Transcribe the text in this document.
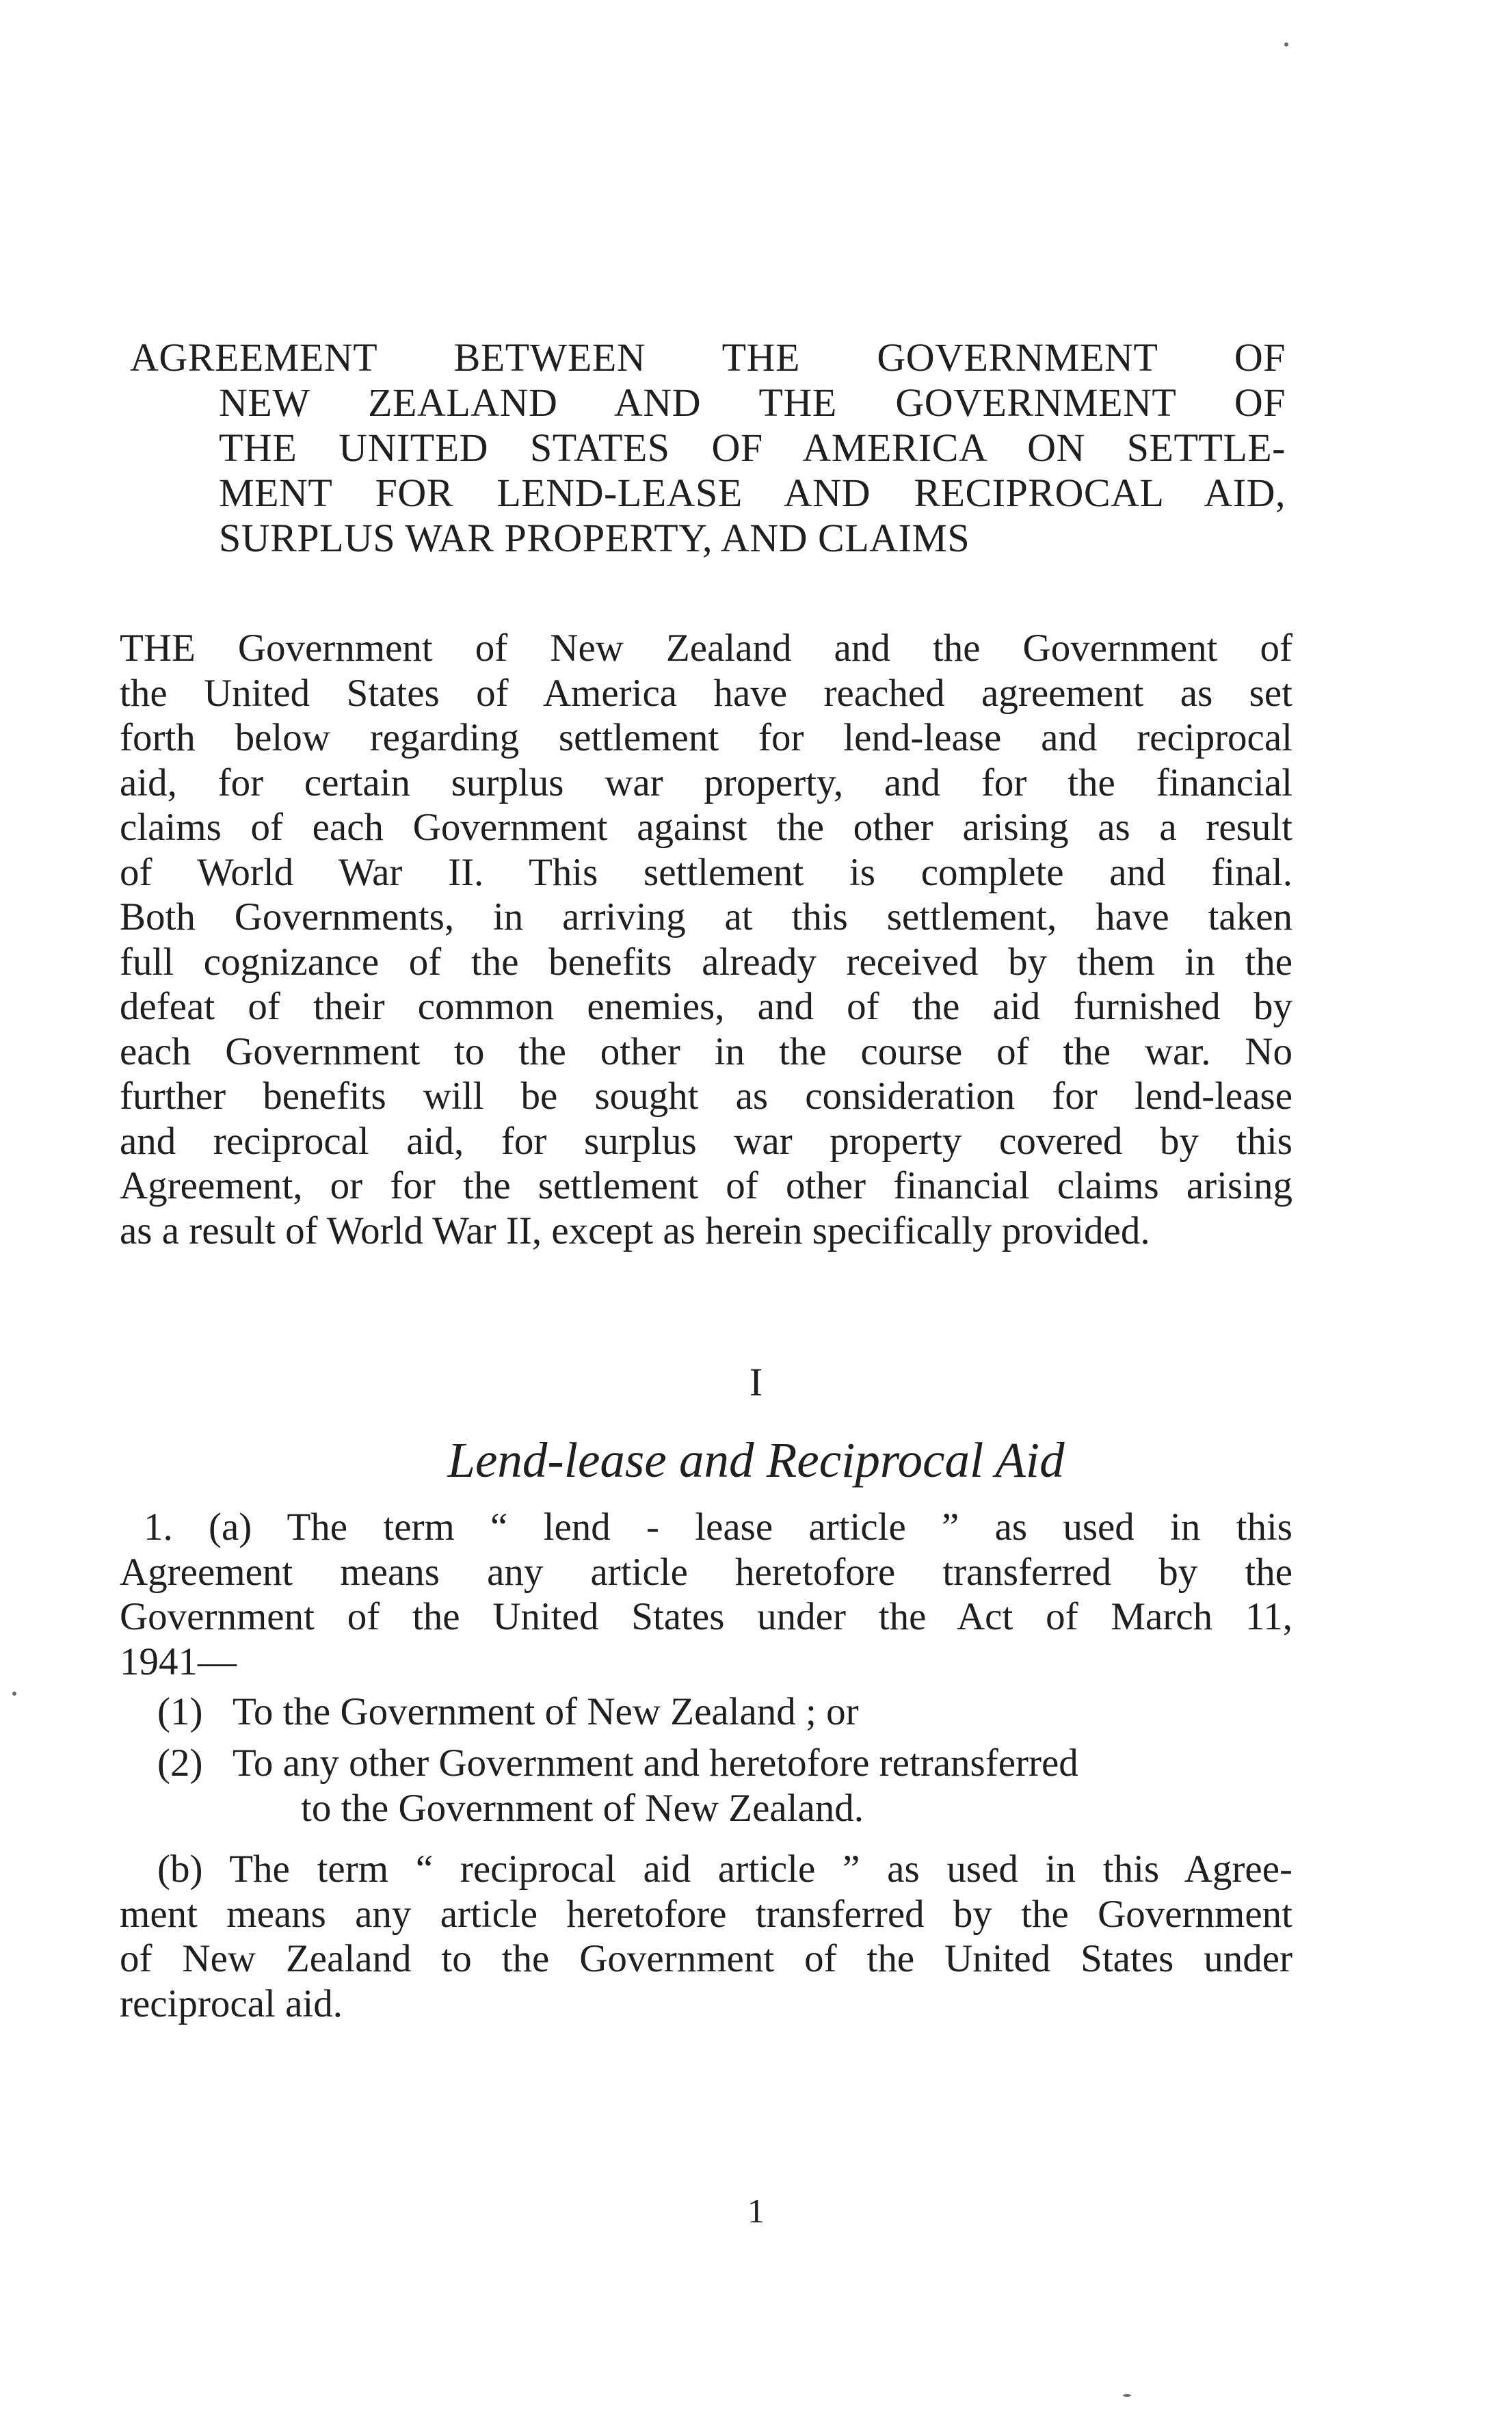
AGREEMENT BETWEEN THE GOVERNMENT OF
NEW ZEALAND AND THE GOVERNMENT OF
THE UNITED STATES OF AMERICA ON SETTLE-
MENT FOR LEND-LEASE AND RECIPROCAL AID,
SURPLUS WAR PROPERTY, AND CLAIMS
THE Government of New Zealand and the Government of
the United States of America have reached agreement as set
forth below regarding settlement for lend-lease and reciprocal
aid, for certain surplus war property, and for the financial
claims of each Government against the other arising as a result
of World War II. This settlement is complete and final.
Both Governments, in arriving at this settlement, have taken
full cognizance of the benefits already received by them in the
defeat of their common enemies, and of the aid furnished by
each Government to the other in the course of the war. No
further benefits will be sought as consideration for lend-lease
and reciprocal aid, for surplus war property covered by this
Agreement, or for the settlement of other financial claims arising
as a result of World War II, except as herein specifically provided.
I
Lend-lease and Reciprocal Aid
1. (a) The term “ lend - lease article ” as used in this
Agreement means any article heretofore transferred by the
Government of the United States under the Act of March 11,
1941—
(1) To the Government of New Zealand ; or
(2) To any other Government and heretofore retransferred
to the Government of New Zealand.
(b) The term “ reciprocal aid article ” as used in this Agree-
ment means any article heretofore transferred by the Government
of New Zealand to the Government of the United States under
reciprocal aid.
1
